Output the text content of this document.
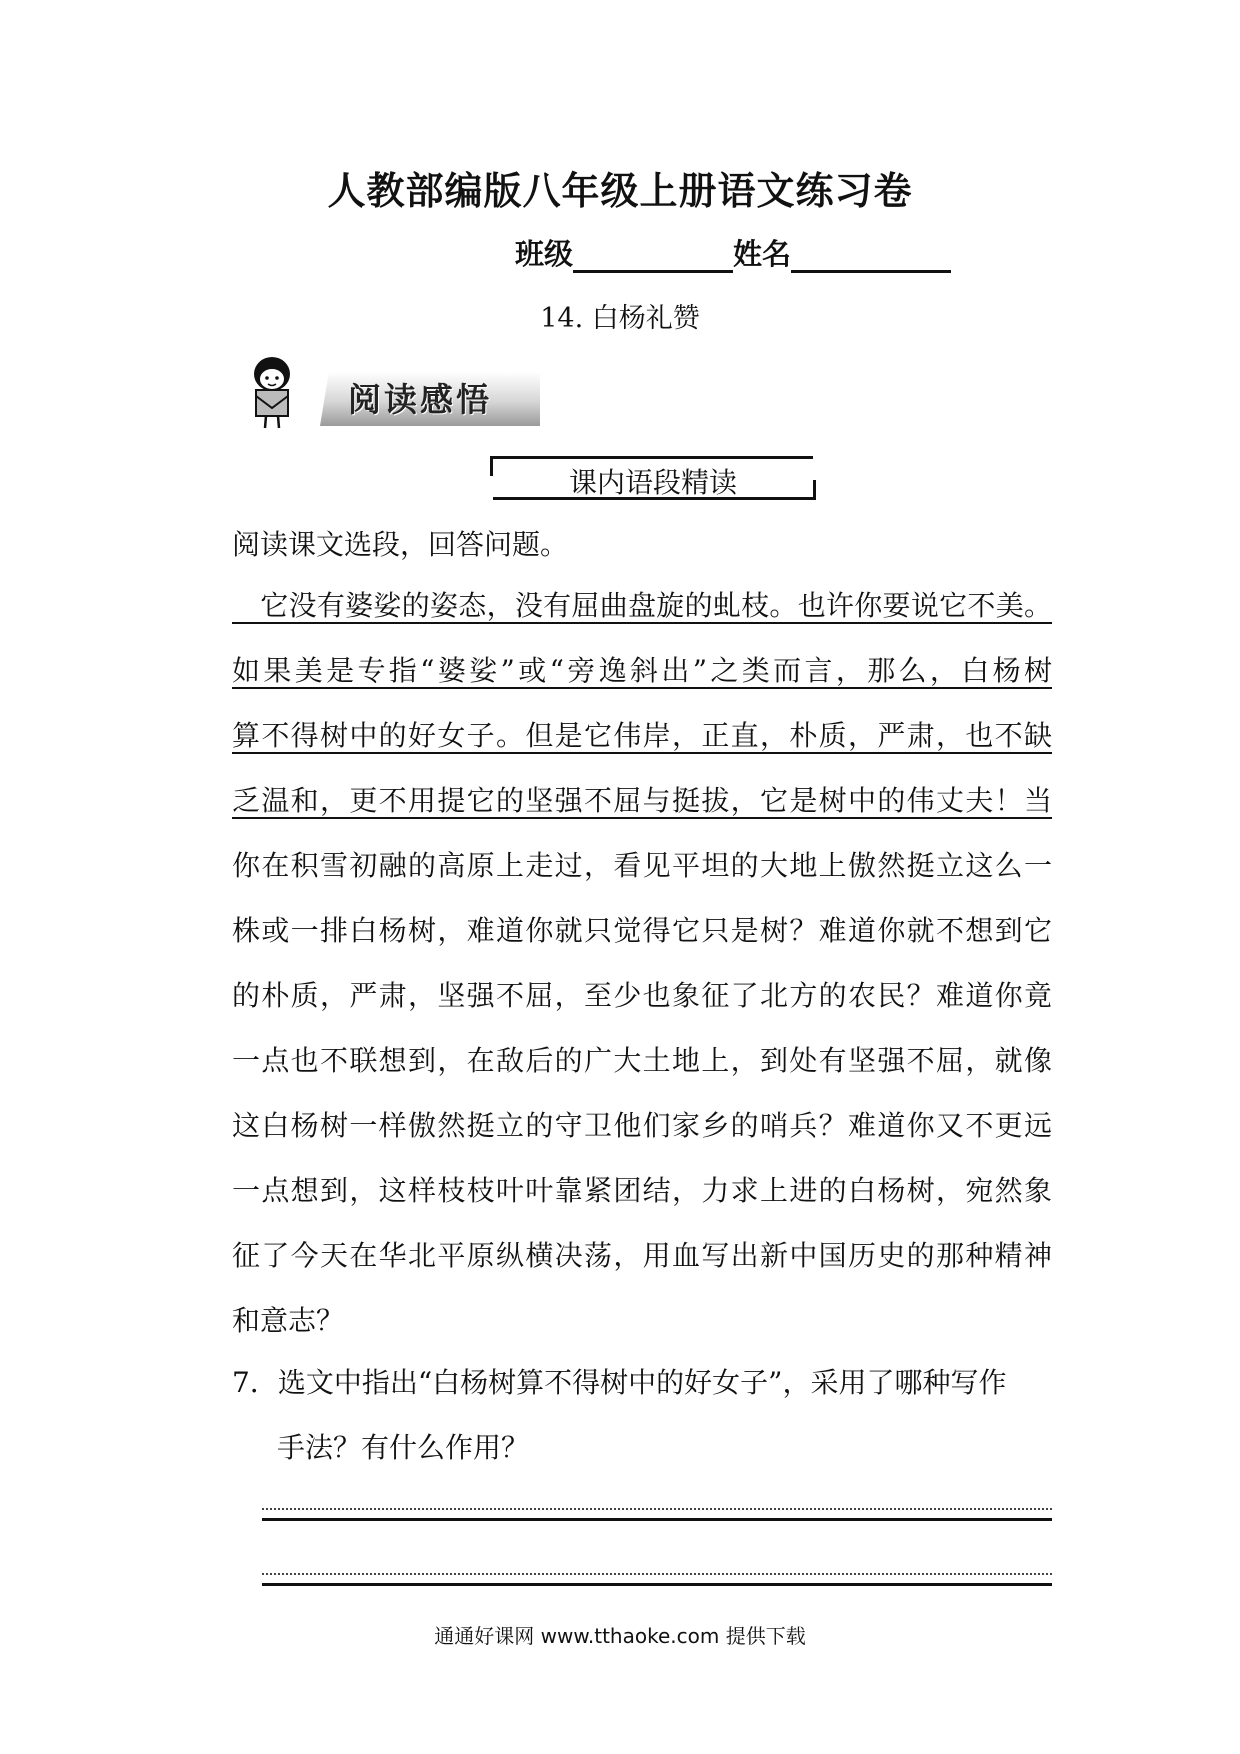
人教部编版八年级上册语文练习卷
班级	姓名
14. 白杨礼赞
阅读感悟
课内语段精读
阅读课文选段，回答问题。
　它没有婆娑的姿态，没有屈曲盘旋的虬枝。也许你要说它不美。
如果美是专指“婆娑”或“旁逸斜出”之类而言，那么，白杨树
算不得树中的好女子。但是它伟岸，正直，朴质，严肃，也不缺
乏温和，更不用提它的坚强不屈与挺拔，它是树中的伟丈夫！当
你在积雪初融的高原上走过，看见平坦的大地上傲然挺立这么一
株或一排白杨树，难道你就只觉得它只是树？难道你就不想到它
的朴质，严肃，坚强不屈，至少也象征了北方的农民？难道你竟
一点也不联想到，在敌后的广大土地上，到处有坚强不屈，就像
这白杨树一样傲然挺立的守卫他们家乡的哨兵？难道你又不更远
一点想到，这样枝枝叶叶靠紧团结，力求上进的白杨树，宛然象
征了今天在华北平原纵横决荡，用血写出新中国历史的那种精神
和意志？
7．选文中指出“白杨树算不得树中的好女子”，采用了哪种写作
手法？有什么作用？
通通好课网 www.tthaoke.com 提供下载
